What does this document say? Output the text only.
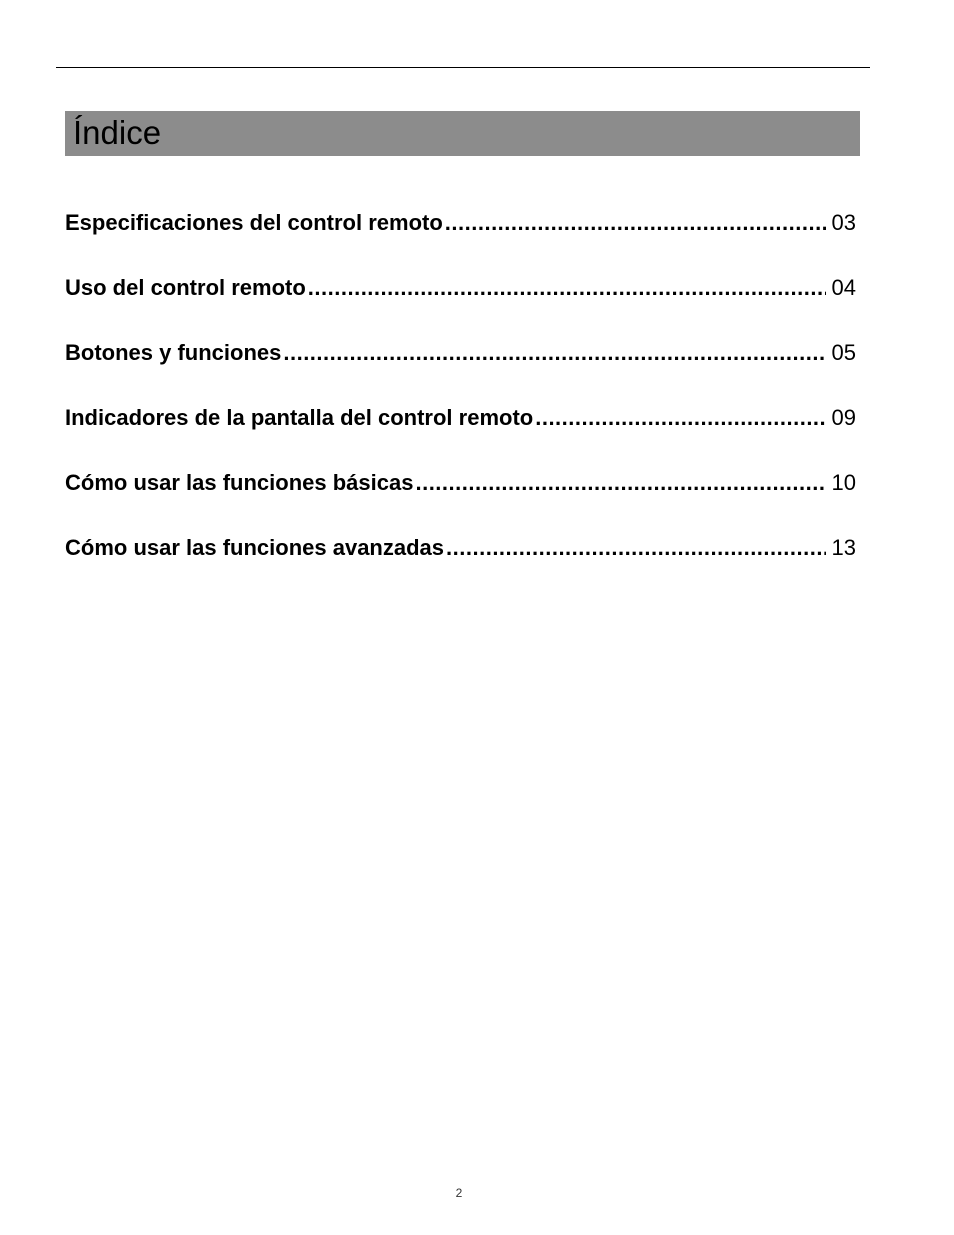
Índice
Especificaciones del control remoto .....	03
Uso del control remoto .....	04
Botones y funciones .....	05
Indicadores de la pantalla del control remoto .....	09
Cómo usar las funciones básicas .....	10
Cómo usar las funciones avanzadas .....	13
2
